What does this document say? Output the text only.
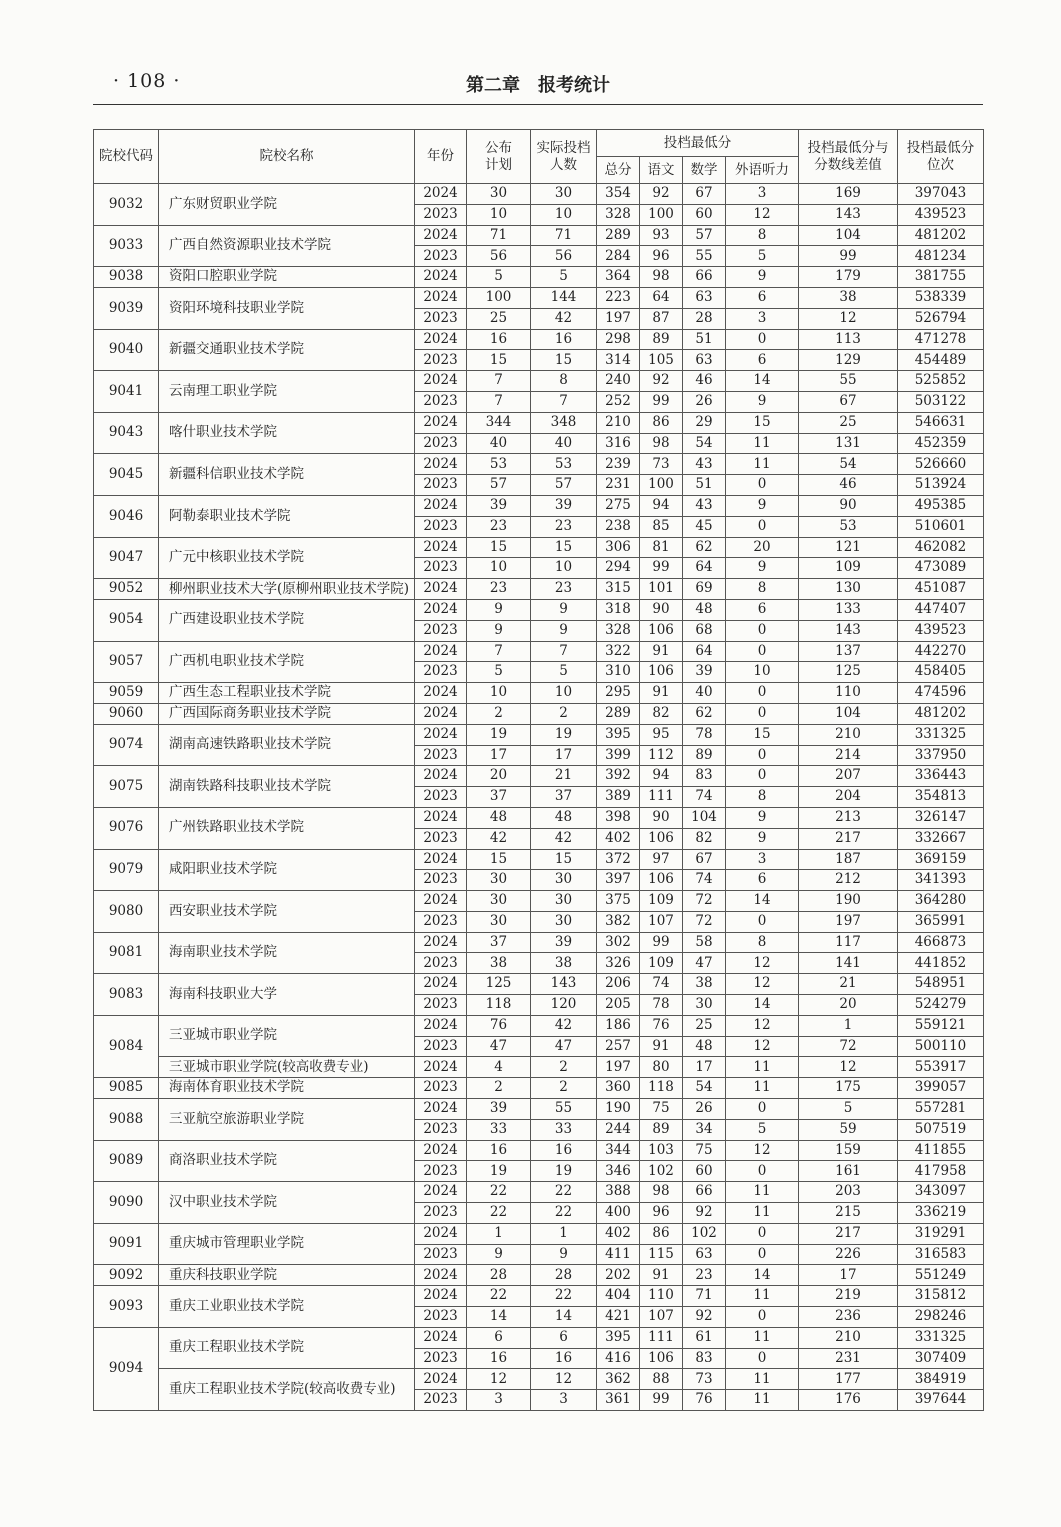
· 108 ·	第二章　报考统计
院校代码	院校名称	年份	公布计划	实际投档人数	投档最低分				投档最低分与分数线差值	投档最低分位次
					总分	语文	数学	外语听力		
9032	广东财贸职业学院	2024	30	30	354	92	67	3	169	397043
		2023	10	10	328	100	60	12	143	439523
9033	广西自然资源职业技术学院	2024	71	71	289	93	57	8	104	481202
		2023	56	56	284	96	55	5	99	481234
9038	资阳口腔职业学院	2024	5	5	364	98	66	9	179	381755
9039	资阳环境科技职业学院	2024	100	144	223	64	63	6	38	538339
		2023	25	42	197	87	28	3	12	526794
9040	新疆交通职业技术学院	2024	16	16	298	89	51	0	113	471278
		2023	15	15	314	105	63	6	129	454489
9041	云南理工职业学院	2024	7	8	240	92	46	14	55	525852
		2023	7	7	252	99	26	9	67	503122
9043	喀什职业技术学院	2024	344	348	210	86	29	15	25	546631
		2023	40	40	316	98	54	11	131	452359
9045	新疆科信职业技术学院	2024	53	53	239	73	43	11	54	526660
		2023	57	57	231	100	51	0	46	513924
9046	阿勒泰职业技术学院	2024	39	39	275	94	43	9	90	495385
		2023	23	23	238	85	45	0	53	510601
9047	广元中核职业技术学院	2024	15	15	306	81	62	20	121	462082
		2023	10	10	294	99	64	9	109	473089
9052	柳州职业技术大学(原柳州职业技术学院)	2024	23	23	315	101	69	8	130	451087
9054	广西建设职业技术学院	2024	9	9	318	90	48	6	133	447407
		2023	9	9	328	106	68	0	143	439523
9057	广西机电职业技术学院	2024	7	7	322	91	64	0	137	442270
		2023	5	5	310	106	39	10	125	458405
9059	广西生态工程职业技术学院	2024	10	10	295	91	40	0	110	474596
9060	广西国际商务职业技术学院	2024	2	2	289	82	62	0	104	481202
9074	湖南高速铁路职业技术学院	2024	19	19	395	95	78	15	210	331325
		2023	17	17	399	112	89	0	214	337950
9075	湖南铁路科技职业技术学院	2024	20	21	392	94	83	0	207	336443
		2023	37	37	389	111	74	8	204	354813
9076	广州铁路职业技术学院	2024	48	48	398	90	104	9	213	326147
		2023	42	42	402	106	82	9	217	332667
9079	咸阳职业技术学院	2024	15	15	372	97	67	3	187	369159
		2023	30	30	397	106	74	6	212	341393
9080	西安职业技术学院	2024	30	30	375	109	72	14	190	364280
		2023	30	30	382	107	72	0	197	365991
9081	海南职业技术学院	2024	37	39	302	99	58	8	117	466873
		2023	38	38	326	109	47	12	141	441852
9083	海南科技职业大学	2024	125	143	206	74	38	12	21	548951
		2023	118	120	205	78	30	14	20	524279
9084	三亚城市职业学院	2024	76	42	186	76	25	12	1	559121
		2023	47	47	257	91	48	12	72	500110
	三亚城市职业学院(较高收费专业)	2024	4	2	197	80	17	11	12	553917
9085	海南体育职业技术学院	2023	2	2	360	118	54	11	175	399057
9088	三亚航空旅游职业学院	2024	39	55	190	75	26	0	5	557281
		2023	33	33	244	89	34	5	59	507519
9089	商洛职业技术学院	2024	16	16	344	103	75	12	159	411855
		2023	19	19	346	102	60	0	161	417958
9090	汉中职业技术学院	2024	22	22	388	98	66	11	203	343097
		2023	22	22	400	96	92	11	215	336219
9091	重庆城市管理职业学院	2024	1	1	402	86	102	0	217	319291
		2023	9	9	411	115	63	0	226	316583
9092	重庆科技职业学院	2024	28	28	202	91	23	14	17	551249
9093	重庆工业职业技术学院	2024	22	22	404	110	71	11	219	315812
		2023	14	14	421	107	92	0	236	298246
9094	重庆工程职业技术学院	2024	6	6	395	111	61	11	210	331325
		2023	16	16	416	106	83	0	231	307409
	重庆工程职业技术学院(较高收费专业)	2024	12	12	362	88	73	11	177	384919
		2023	3	3	361	99	76	11	176	397644
